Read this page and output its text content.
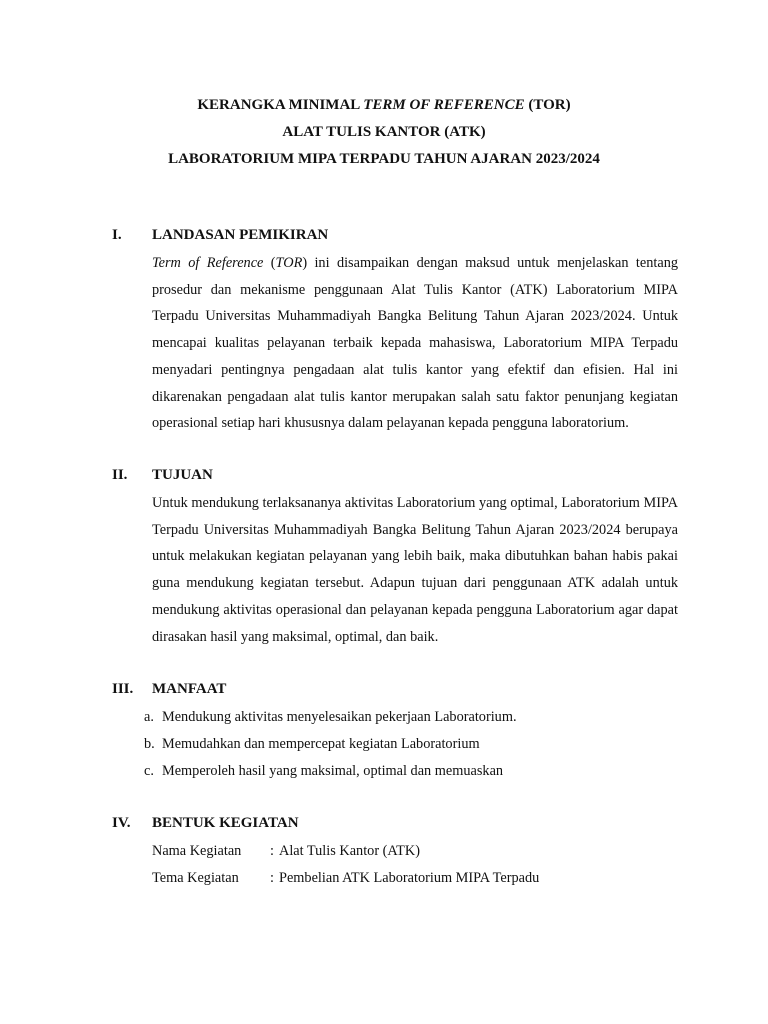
KERANGKA MINIMAL TERM OF REFERENCE (TOR)
ALAT TULIS KANTOR (ATK)
LABORATORIUM MIPA TERPADU TAHUN AJARAN 2023/2024
I. LANDASAN PEMIKIRAN

Term of Reference (TOR) ini disampaikan dengan maksud untuk menjelaskan tentang prosedur dan mekanisme penggunaan Alat Tulis Kantor (ATK) Laboratorium MIPA Terpadu Universitas Muhammadiyah Bangka Belitung Tahun Ajaran 2023/2024. Untuk mencapai kualitas pelayanan terbaik kepada mahasiswa, Laboratorium MIPA Terpadu menyadari pentingnya pengadaan alat tulis kantor yang efektif dan efisien. Hal ini dikarenakan pengadaan alat tulis kantor merupakan salah satu faktor penunjang kegiatan operasional setiap hari khususnya dalam pelayanan kepada pengguna laboratorium.

II. TUJUAN

Untuk mendukung terlaksananya aktivitas Laboratorium yang optimal, Laboratorium MIPA Terpadu Universitas Muhammadiyah Bangka Belitung Tahun Ajaran 2023/2024 berupaya untuk melakukan kegiatan pelayanan yang lebih baik, maka dibutuhkan bahan habis pakai guna mendukung kegiatan tersebut. Adapun tujuan dari penggunaan ATK adalah untuk mendukung aktivitas operasional dan pelayanan kepada pengguna Laboratorium agar dapat dirasakan hasil yang maksimal, optimal, dan baik.

III. MANFAAT
a. Mendukung aktivitas menyelesaikan pekerjaan Laboratorium.
b. Memudahkan dan mempercepat kegiatan Laboratorium
c. Memperoleh hasil yang maksimal, optimal dan memuaskan
IV. BENTUK KEGIATAN
Nama Kegiatan : Alat Tulis Kantor (ATK)
Tema Kegiatan : Pembelian ATK Laboratorium MIPA Terpadu
